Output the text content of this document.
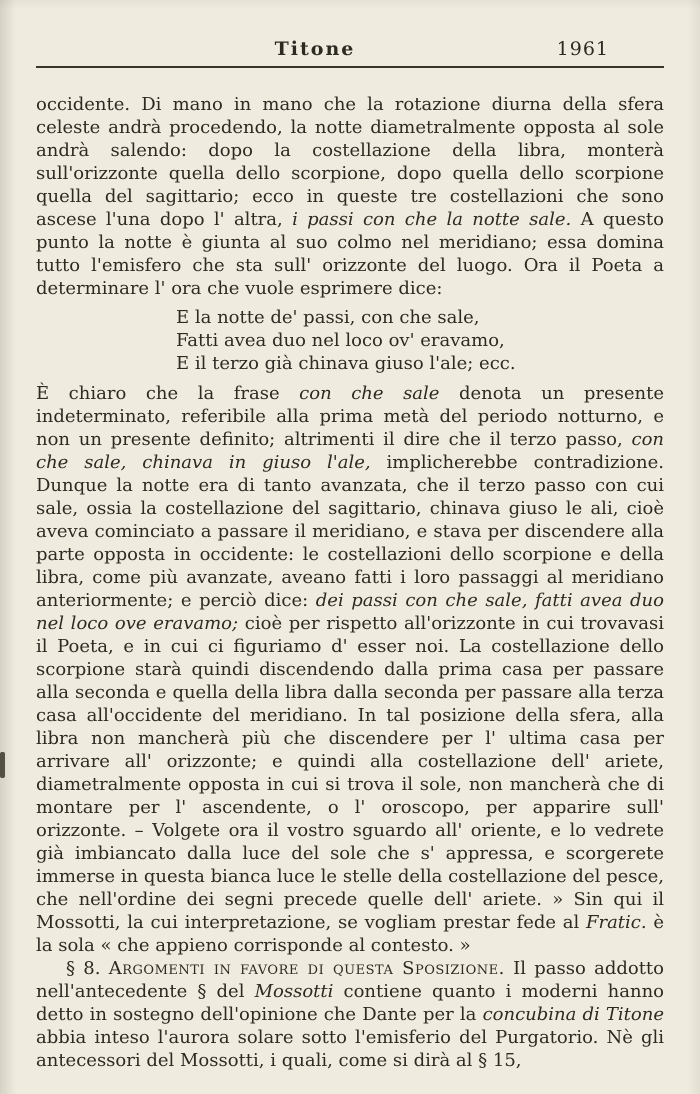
Titone	1961

occidente. Di mano in mano che la rotazione diurna della sfera celeste andrà procedendo, la notte diametralmente opposta al sole andrà salendo: dopo la costellazione della libra, monterà sull'orizzonte quella dello scorpione, dopo quella dello scorpione quella del sagittario; ecco in queste tre costellazioni che sono ascese l'una dopo l' altra, i passi con che la notte sale. A questo punto la notte è giunta al suo colmo nel meridiano; essa domina tutto l'emisfero che sta sull' orizzonte del luogo. Ora il Poeta a determinare l' ora che vuole esprimere dice:

E la notte de' passi, con che sale,
Fatti avea duo nel loco ov' eravamo,
E il terzo già chinava giuso l'ale; ecc.

È chiaro che la frase con che sale denota un presente indeterminato, referibile alla prima metà del periodo notturno, e non un presente definito; altrimenti il dire che il terzo passo, con che sale, chinava in giuso l'ale, implicherebbe contradizione. Dunque la notte era di tanto avanzata, che il terzo passo con cui sale, ossia la costellazione del sagittario, chinava giuso le ali, cioè aveva cominciato a passare il meridiano, e stava per discendere alla parte opposta in occidente: le costellazioni dello scorpione e della libra, come più avanzate, aveano fatti i loro passaggi al meridiano anteriormente; e perciò dice: dei passi con che sale, fatti avea duo nel loco ove eravamo; cioè per rispetto all'orizzonte in cui trovavasi il Poeta, e in cui ci figuriamo d' esser noi. La costellazione dello scorpione starà quindi discendendo dalla prima casa per passare alla seconda e quella della libra dalla seconda per passare alla terza casa all'occidente del meridiano. In tal posizione della sfera, alla libra non mancherà più che discendere per l' ultima casa per arrivare all' orizzonte; e quindi alla costellazione dell' ariete, diametralmente opposta in cui si trova il sole, non mancherà che di montare per l' ascendente, o l' oroscopo, per apparire sull' orizzonte. – Volgete ora il vostro sguardo all' oriente, e lo vedrete già imbiancato dalla luce del sole che s' appressa, e scorgerete immerse in questa bianca luce le stelle della costellazione del pesce, che nell'ordine dei segni precede quelle dell' ariete. » Sin qui il Mossotti, la cui interpretazione, se vogliam prestar fede al Fratic. è la sola « che appieno corrisponde al contesto. »

§ 8. Argomenti in favore di questa Sposizione. Il passo addotto nell'antecedente § del Mossotti contiene quanto i moderni hanno detto in sostegno dell'opinione che Dante per la concubina di Titone abbia inteso l'aurora solare sotto l'emisferio del Purgatorio. Nè gli antecessori del Mossotti, i quali, come si dirà al § 15,
